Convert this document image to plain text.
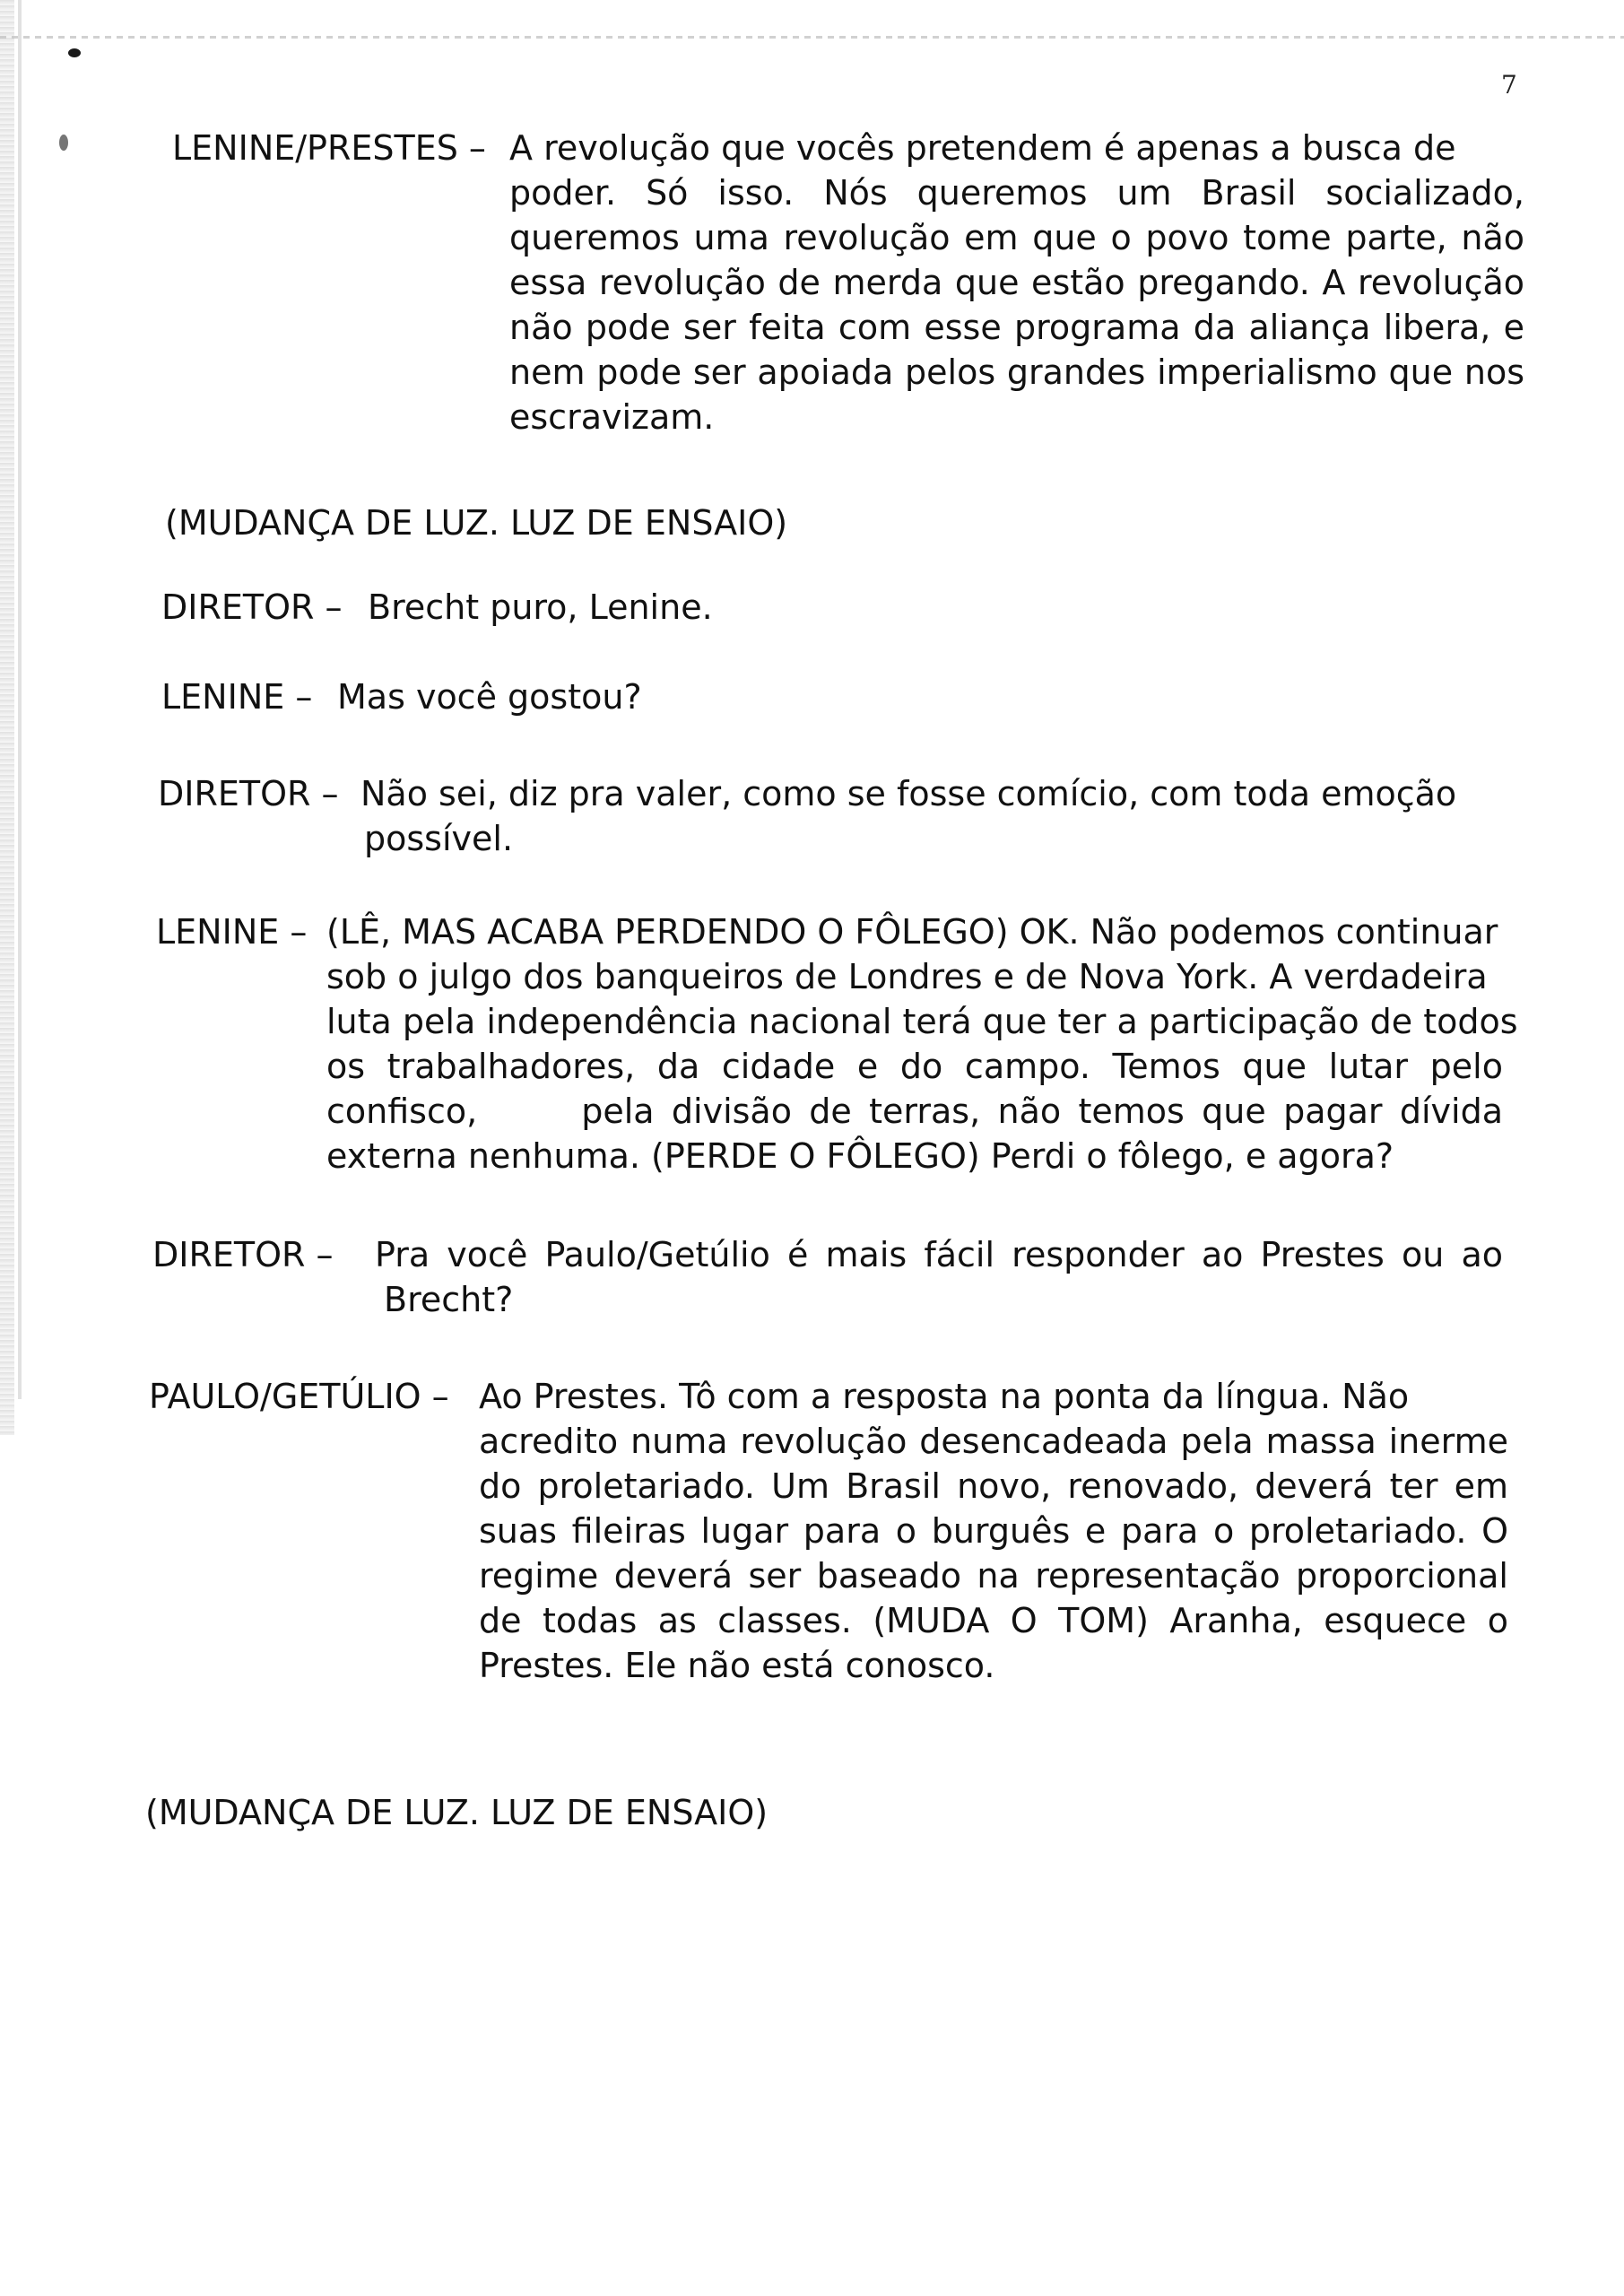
7
LENINE/PRESTES – A revolução que vocês pretendem é apenas a busca de
poder. Só isso. Nós queremos um Brasil socializado,
queremos uma revolução em que o povo tome parte, não
essa revolução de merda que estão pregando. A revolução
não pode ser feita com esse programa da aliança libera, e
nem pode ser apoiada pelos grandes imperialismo que nos
escravizam.
(MUDANÇA DE LUZ. LUZ DE ENSAIO)
DIRETOR – Brecht puro, Lenine.
LENINE – Mas você gostou?
DIRETOR – Não sei, diz pra valer, como se fosse comício, com toda emoção
possível.
LENINE – (LÊ, MAS ACABA PERDENDO O FÔLEGO) OK. Não podemos continuar
sob o julgo dos banqueiros de Londres e de Nova York. A verdadeira
luta pela independência nacional terá que ter a participação de todos
os trabalhadores, da cidade e do campo. Temos que lutar pelo
confisco,      pela divisão de terras, não temos que pagar dívida
externa nenhuma. (PERDE O FÔLEGO) Perdi o fôlego, e agora?
DIRETOR – Pra você Paulo/Getúlio é mais fácil responder ao Prestes ou ao
Brecht?
PAULO/GETÚLIO – Ao Prestes. Tô com a resposta na ponta da língua. Não
acredito numa revolução desencadeada pela massa inerme
do proletariado. Um Brasil novo, renovado, deverá ter em
suas fileiras lugar para o burguês e para o proletariado. O
regime deverá ser baseado na representação proporcional
de todas as classes. (MUDA O TOM) Aranha, esquece o
Prestes. Ele não está conosco.
(MUDANÇA DE LUZ. LUZ DE ENSAIO)
